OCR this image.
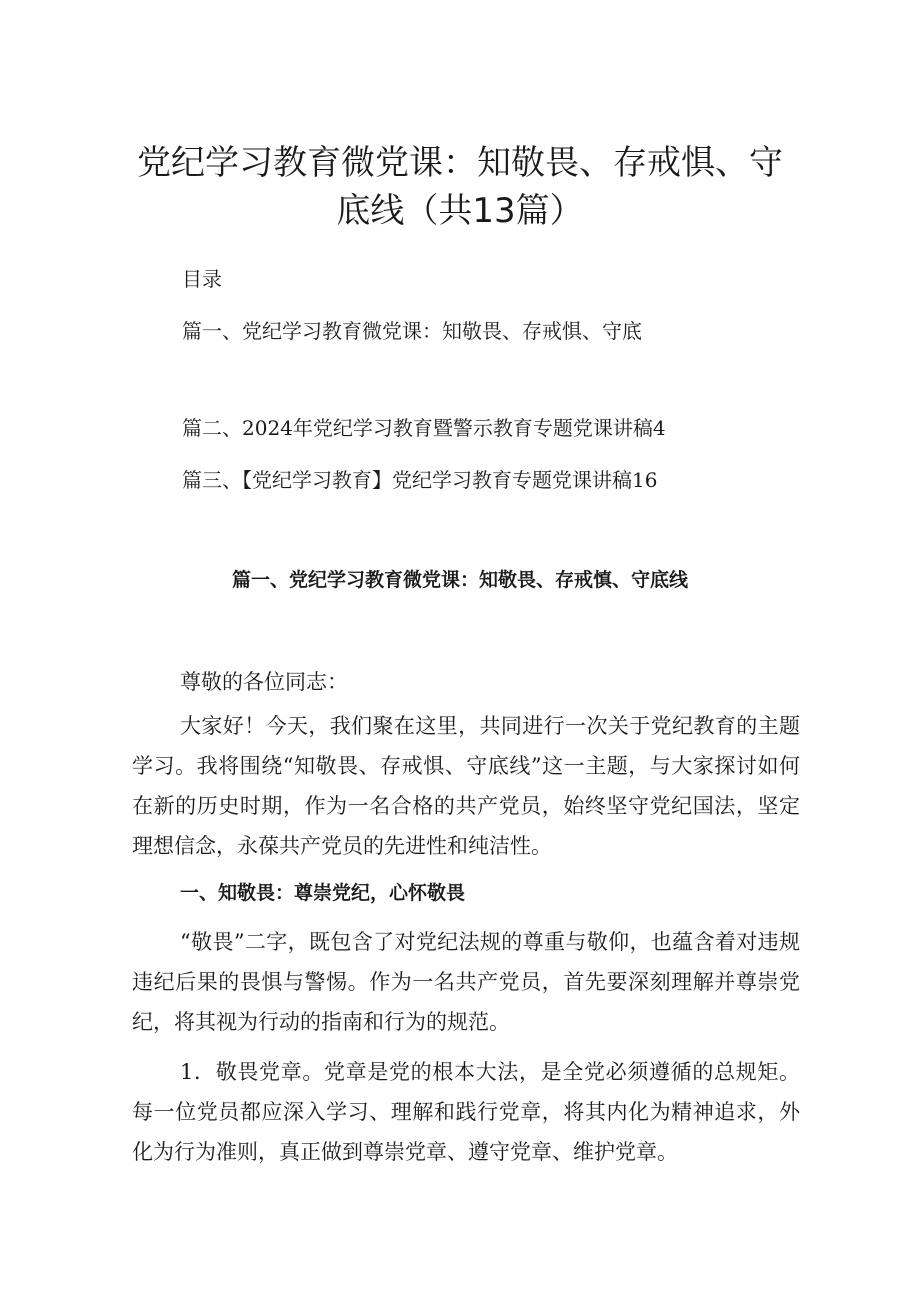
党纪学习教育微党课：知敬畏、存戒惧、守
底线（共13篇）
目录
篇一、党纪学习教育微党课：知敬畏、存戒惧、守底
篇二、2024年党纪学习教育暨警示教育专题党课讲稿4
篇三、【党纪学习教育】党纪学习教育专题党课讲稿16
篇一、党纪学习教育微党课：知敬畏、存戒慎、守底线

尊敬的各位同志：

大家好！今天，我们聚在这里，共同进行一次关于党纪教育的主题学习。我将围绕“知敬畏、存戒惧、守底线”这一主题，与大家探讨如何在新的历史时期，作为一名合格的共产党员，始终坚守党纪国法，坚定理想信念，永葆共产党员的先进性和纯洁性。

一、知敬畏：尊崇党纪，心怀敬畏

“敬畏”二字，既包含了对党纪法规的尊重与敬仰，也蕴含着对违规违纪后果的畏惧与警惕。作为一名共产党员，首先要深刻理解并尊崇党纪，将其视为行动的指南和行为的规范。

1．敬畏党章。党章是党的根本大法，是全党必须遵循的总规矩。每一位党员都应深入学习、理解和践行党章，将其内化为精神追求，外化为行为准则，真正做到尊崇党章、遵守党章、维护党章。
